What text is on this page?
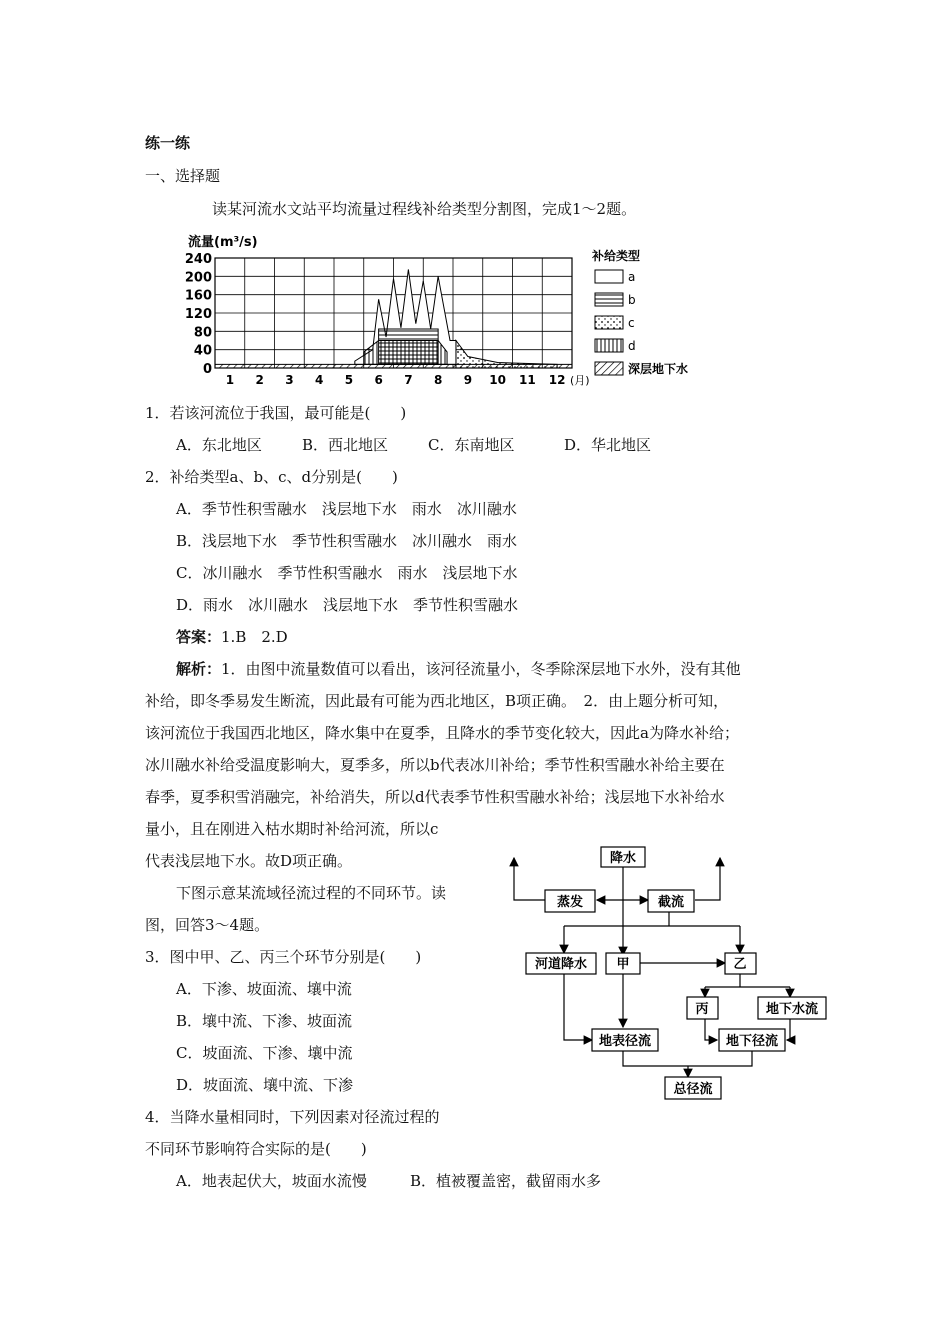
练一练
一、选择题
读某河流水文站平均流量过程线补给类型分割图，完成1～2题。
流量(m³/s)
240
200
160
120
80
40
0
1 2 3 4 5 6 7 8 9 10 11 12 (月)
补给类型
a
b
c
d
深层地下水
1．若该河流位于我国，最可能是(　　)
A．东北地区	B．西北地区	C．东南地区	D．华北地区
2．补给类型a、b、c、d分别是(　　)
A．季节性积雪融水　浅层地下水　雨水　冰川融水
B．浅层地下水　季节性积雪融水　冰川融水　雨水
C．冰川融水　季节性积雪融水　雨水　浅层地下水
D．雨水　冰川融水　浅层地下水　季节性积雪融水
答案：1.B　2.D
解析：1．由图中流量数值可以看出，该河径流量小，冬季除深层地下水外，没有其他
补给，即冬季易发生断流，因此最有可能为西北地区，B项正确。　2．由上题分析可知，
该河流位于我国西北地区，降水集中在夏季，且降水的季节变化较大，因此a为降水补给；
冰川融水补给受温度影响大，夏季多，所以b代表冰川补给；季节性积雪融水补给主要在
春季，夏季积雪消融完，补给消失，所以d代表季节性积雪融水补给；浅层地下水补给水
量小，且在刚进入枯水期时补给河流，所以c
代表浅层地下水。故D项正确。
下图示意某流域径流过程的不同环节。读
图，回答3～4题。
3．图中甲、乙、丙三个环节分别是(　　)
A．下渗、坡面流、壤中流
B．壤中流、下渗、坡面流
C．坡面流、下渗、壤中流
D．坡面流、壤中流、下渗
4．当降水量相同时，下列因素对径流过程的
不同环节影响符合实际的是(　　)
A．地表起伏大，坡面水流慢	B．植被覆盖密，截留雨水多
降水
蒸发	截流
河道降水 甲	乙
丙	地下水流
地表径流	地下径流
总径流
